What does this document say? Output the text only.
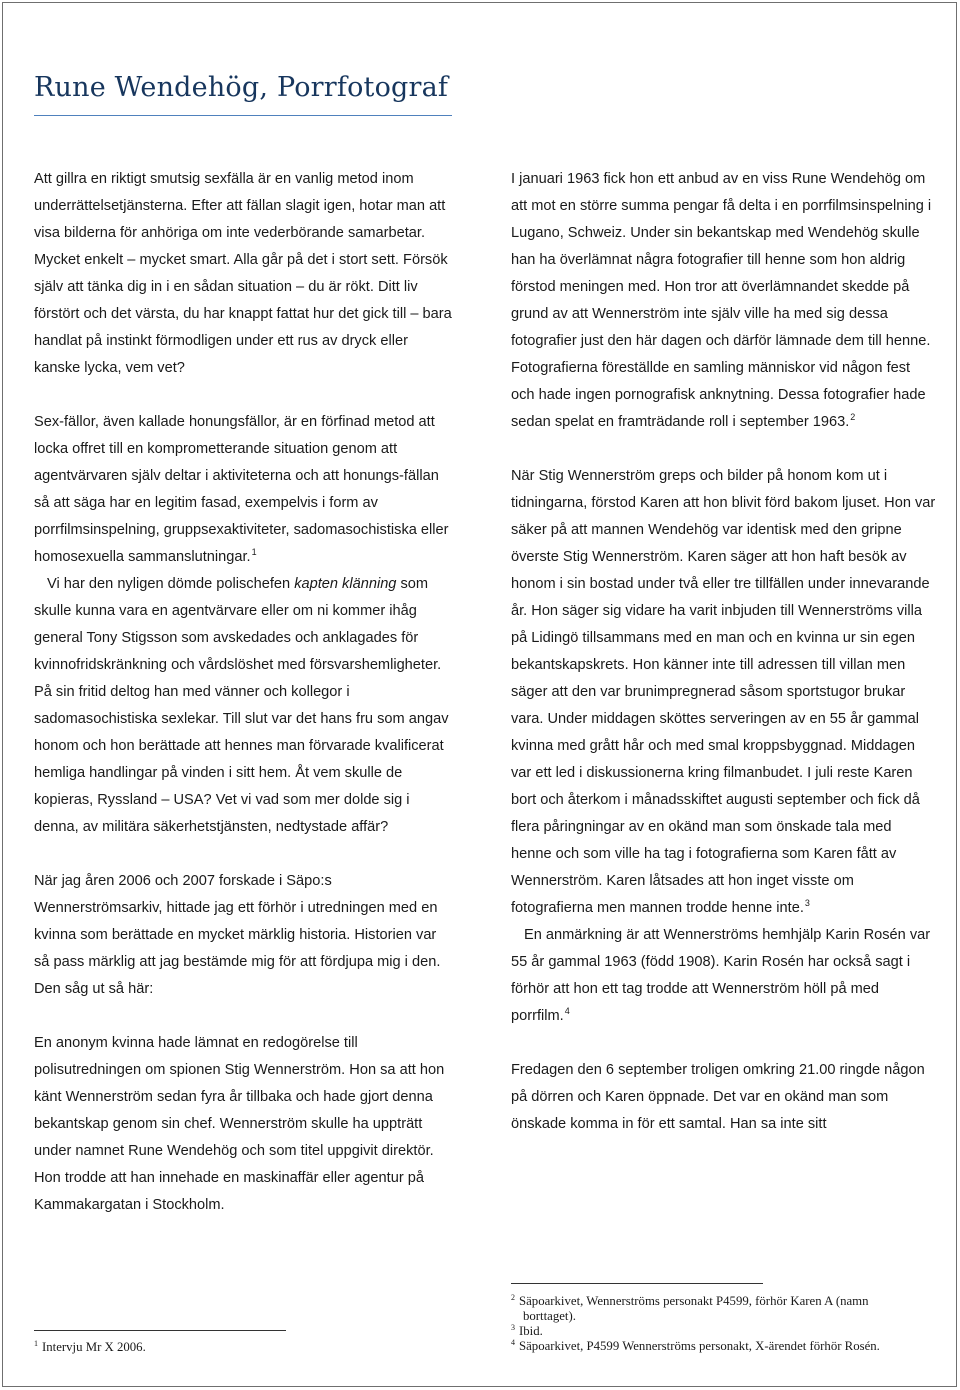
Rune Wendehög, Porrfotograf

Att gillra en riktigt smutsig sexfälla är en vanlig metod inom underrättelsetjänsterna. Efter att fällan slagit igen, hotar man att visa bilderna för anhöriga om inte vederbörande samarbetar. Mycket enkelt – mycket smart. Alla går på det i stort sett. Försök själv att tänka dig in i en sådan situation – du är rökt. Ditt liv förstört och det värsta, du har knappt fattat hur det gick till – bara handlat på instinkt förmodligen under ett rus av dryck eller kanske lycka, vem vet?

Sex-fällor, även kallade honungsfällor, är en förfinad metod att locka offret till en komprometterande situation genom att agentvärvaren själv deltar i aktiviteterna och att honungs-fällan så att säga har en legitim fasad, exempelvis i form av porrfilmsinspelning, gruppsexaktiviteter, sadomasochistiska eller homosexuella sammanslutningar.$^1$

Vi har den nyligen dömde polischefen kapten klänning som skulle kunna vara en agentvärvare eller om ni kommer ihåg general Tony Stigsson som avskedades och anklagades för kvinnofridskränkning och vårdslöshet med försvarshemligheter. På sin fritid deltog han med vänner och kollegor i sadomasochistiska sexlekar. Till slut var det hans fru som angav honom och hon berättade att hennes man förvarade kvalificerat hemliga handlingar på vinden i sitt hem. Åt vem skulle de kopieras, Ryssland – USA? Vet vi vad som mer dolde sig i denna, av militära säkerhetstjänsten, nedtystade affär?

När jag åren 2006 och 2007 forskade i Säpo:s Wennerströmsarkiv, hittade jag ett förhör i utredningen med en kvinna som berättade en mycket märklig historia. Historien var så pass märklig att jag bestämde mig för att fördjupa mig i den. Den såg ut så här:

En anonym kvinna hade lämnat en redogörelse till polisutredningen om spionen Stig Wennerström. Hon sa att hon känt Wennerström sedan fyra år tillbaka och hade gjort denna bekantskap genom sin chef. Wennerström skulle ha uppträtt under namnet Rune Wendehög och som titel uppgivit direktör. Hon trodde att han innehade en maskinaffär eller agentur på Kammakargatan i Stockholm.

I januari 1963 fick hon ett anbud av en viss Rune Wendehög om att mot en större summa pengar få delta i en porrfilmsinspelning i Lugano, Schweiz. Under sin bekantskap med Wendehög skulle han ha överlämnat några fotografier till henne som hon aldrig förstod meningen med. Hon tror att överlämnandet skedde på grund av att Wennerström inte själv ville ha med sig dessa fotografier just den här dagen och därför lämnade dem till henne. Fotografierna föreställde en samling människor vid någon fest och hade ingen pornografisk anknytning. Dessa fotografier hade sedan spelat en framträdande roll i september 1963.$^2$

När Stig Wennerström greps och bilder på honom kom ut i tidningarna, förstod Karen att hon blivit förd bakom ljuset. Hon var säker på att mannen Wendehög var identisk med den gripne överste Stig Wennerström. Karen säger att hon haft besök av honom i sin bostad under två eller tre tillfällen under innevarande år. Hon säger sig vidare ha varit inbjuden till Wennerströms villa på Lidingö tillsammans med en man och en kvinna ur sin egen bekantskapskrets. Hon känner inte till adressen till villan men säger att den var brunimpregnerad såsom sportstugor brukar vara. Under middagen sköttes serveringen av en 55 år gammal kvinna med grått hår och med smal kroppsbyggnad. Middagen var ett led i diskussionerna kring filmanbudet. I juli reste Karen bort och återkom i månadsskiftet augusti september och fick då flera påringningar av en okänd man som önskade tala med henne och som ville ha tag i fotografierna som Karen fått av Wennerström. Karen låtsades att hon inget visste om fotografierna men mannen trodde henne inte.$^3$

En anmärkning är att Wennerströms hemhjälp Karin Rosén var 55 år gammal 1963 (född 1908). Karin Rosén har också sagt i förhör att hon ett tag trodde att Wennerström höll på med porrfilm.$^4$

Fredagen den 6 september troligen omkring 21.00 ringde någon på dörren och Karen öppnade. Det var en okänd man som önskade komma in för ett samtal. Han sa inte sitt

$^2$ Säpoarkivet, Wennerströms personakt P4599, förhör Karen A (namn
borttaget).
$^3$ Ibid.
$^4$ Säpoarkivet, P4599 Wennerströms personakt, X-ärendet förhör Rosén.
$^1$ Intervju Mr X 2006.
